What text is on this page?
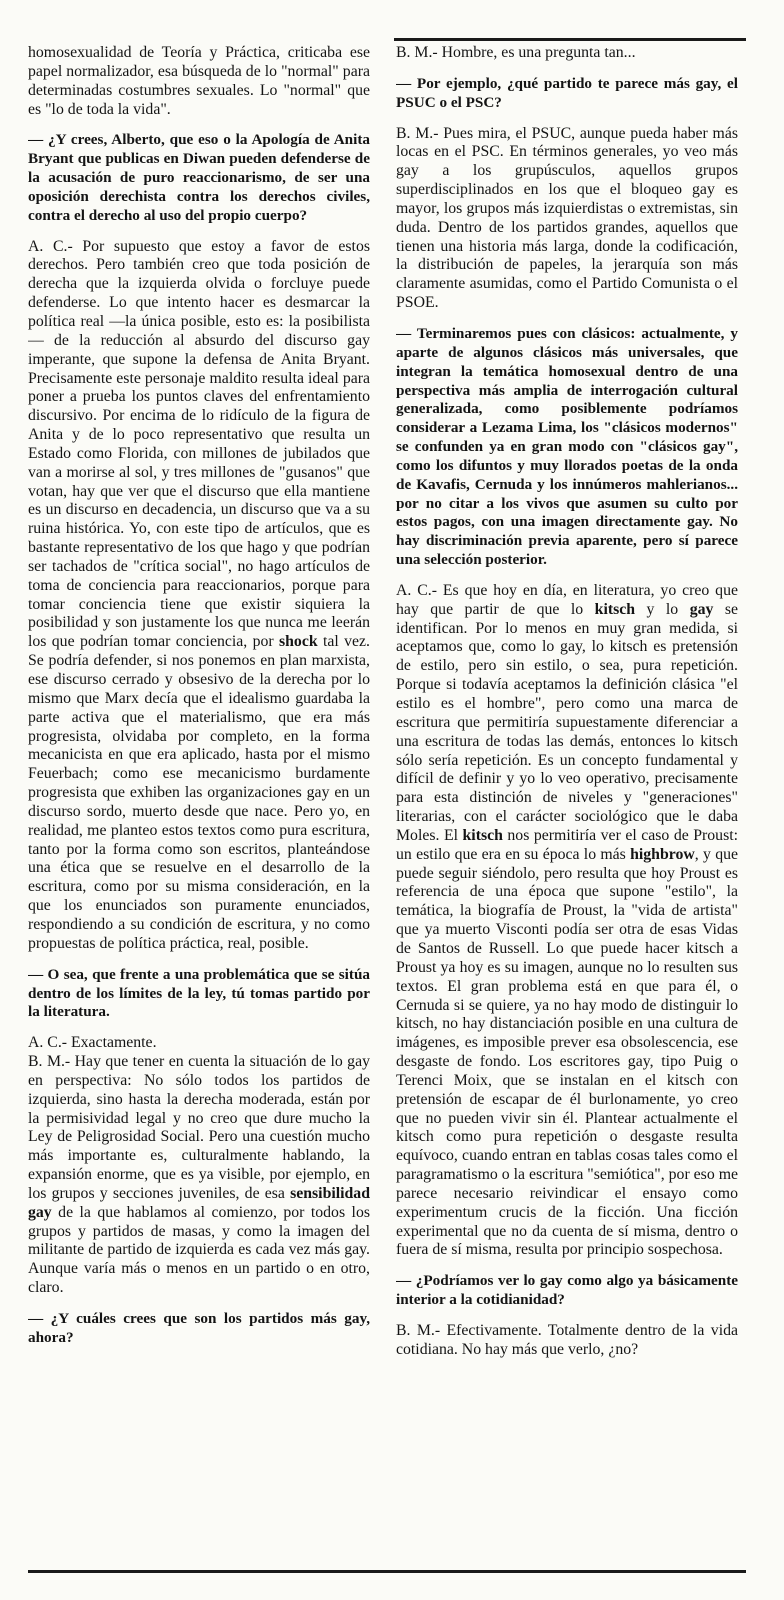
homosexualidad de Teoría y Práctica, criticaba ese papel normalizador, esa búsqueda de lo "normal" para determinadas costumbres sexuales. Lo "normal" que es "lo de toda la vida".

— ¿Y crees, Alberto, que eso o la Apología de Anita Bryant que publicas en Diwan pueden defenderse de la acusación de puro reaccionarismo, de ser una oposición derechista contra los derechos civiles, contra el derecho al uso del propio cuerpo?

A. C.- Por supuesto que estoy a favor de estos derechos. Pero también creo que toda posición de derecha que la izquierda olvida o forcluye puede defenderse. Lo que intento hacer es desmarcar la política real —la única posible, esto es: la posibilista— de la reducción al absurdo del discurso gay imperante, que supone la defensa de Anita Bryant. Precisamente este personaje maldito resulta ideal para poner a prueba los puntos claves del enfrentamiento discursivo. Por encima de lo ridículo de la figura de Anita y de lo poco representativo que resulta un Estado como Florida, con millones de jubilados que van a morirse al sol, y tres millones de "gusanos" que votan, hay que ver que el discurso que ella mantiene es un discurso en decadencia, un discurso que va a su ruina histórica. Yo, con este tipo de artículos, que es bastante representativo de los que hago y que podrían ser tachados de "crítica social", no hago artículos de toma de conciencia para reaccionarios, porque para tomar conciencia tiene que existir siquiera la posibilidad y son justamente los que nunca me leerán los que podrían tomar conciencia, por shock tal vez. Se podría defender, si nos ponemos en plan marxista, ese discurso cerrado y obsesivo de la derecha por lo mismo que Marx decía que el idealismo guardaba la parte activa que el materialismo, que era más progresista, olvidaba por completo, en la forma mecanicista en que era aplicado, hasta por el mismo Feuerbach; como ese mecanicismo burdamente progresista que exhiben las organizaciones gay en un discurso sordo, muerto desde que nace. Pero yo, en realidad, me planteo estos textos como pura escritura, tanto por la forma como son escritos, planteándose una ética que se resuelve en el desarrollo de la escritura, como por su misma consideración, en la que los enunciados son puramente enunciados, respondiendo a su condición de escritura, y no como propuestas de política práctica, real, posible.

— O sea, que frente a una problemática que se sitúa dentro de los límites de la ley, tú tomas partido por la literatura.

A. C.- Exactamente.

B. M.- Hay que tener en cuenta la situación de lo gay en perspectiva: No sólo todos los partidos de izquierda, sino hasta la derecha moderada, están por la permisividad legal y no creo que dure mucho la Ley de Peligrosidad Social. Pero una cuestión mucho más importante es, culturalmente hablando, la expansión enorme, que es ya visible, por ejemplo, en los grupos y secciones juveniles, de esa sensibilidad gay de la que hablamos al comienzo, por todos los grupos y partidos de masas, y como la imagen del militante de partido de izquierda es cada vez más gay. Aunque varía más o menos en un partido o en otro, claro.

— ¿Y cuáles crees que son los partidos más gay, ahora?

B. M.- Hombre, es una pregunta tan...

— Por ejemplo, ¿qué partido te parece más gay, el PSUC o el PSC?

B. M.- Pues mira, el PSUC, aunque pueda haber más locas en el PSC. En términos generales, yo veo más gay a los grupúsculos, aquellos grupos superdisciplinados en los que el bloqueo gay es mayor, los grupos más izquierdistas o extremistas, sin duda. Dentro de los partidos grandes, aquellos que tienen una historia más larga, donde la codificación, la distribución de papeles, la jerarquía son más claramente asumidas, como el Partido Comunista o el PSOE.

— Terminaremos pues con clásicos: actualmente, y aparte de algunos clásicos más universales, que integran la temática homosexual dentro de una perspectiva más amplia de interrogación cultural generalizada, como posiblemente podríamos considerar a Lezama Lima, los "clásicos modernos" se confunden ya en gran modo con "clásicos gay", como los difuntos y muy llorados poetas de la onda de Kavafis, Cernuda y los innúmeros mahlerianos... por no citar a los vivos que asumen su culto por estos pagos, con una imagen directamente gay. No hay discriminación previa aparente, pero sí parece una selección posterior.

A. C.- Es que hoy en día, en literatura, yo creo que hay que partir de que lo kitsch y lo gay se identifican. Por lo menos en muy gran medida, si aceptamos que, como lo gay, lo kitsch es pretensión de estilo, pero sin estilo, o sea, pura repetición. Porque si todavía aceptamos la definición clásica "el estilo es el hombre", pero como una marca de escritura que permitiría supuestamente diferenciar a una escritura de todas las demás, entonces lo kitsch sólo sería repetición. Es un concepto fundamental y difícil de definir y yo lo veo operativo, precisamente para esta distinción de niveles y "generaciones" literarias, con el carácter sociológico que le daba Moles. El kitsch nos permitiría ver el caso de Proust: un estilo que era en su época lo más highbrow, y que puede seguir siéndolo, pero resulta que hoy Proust es referencia de una época que supone "estilo", la temática, la biografía de Proust, la "vida de artista" que ya muerto Visconti podía ser otra de esas Vidas de Santos de Russell. Lo que puede hacer kitsch a Proust ya hoy es su imagen, aunque no lo resulten sus textos. El gran problema está en que para él, o Cernuda si se quiere, ya no hay modo de distinguir lo kitsch, no hay distanciación posible en una cultura de imágenes, es imposible prever esa obsolescencia, ese desgaste de fondo. Los escritores gay, tipo Puig o Terenci Moix, que se instalan en el kitsch con pretensión de escapar de él burlonamente, yo creo que no pueden vivir sin él. Plantear actualmente el kitsch como pura repetición o desgaste resulta equívoco, cuando entran en tablas cosas tales como el paragramatismo o la escritura "semiótica", por eso me parece necesario reivindicar el ensayo como experimentum crucis de la ficción. Una ficción experimental que no da cuenta de sí misma, dentro o fuera de sí misma, resulta por principio sospechosa.

— ¿Podríamos ver lo gay como algo ya básicamente interior a la cotidianidad?

B. M.- Efectivamente. Totalmente dentro de la vida cotidiana. No hay más que verlo, ¿no?
